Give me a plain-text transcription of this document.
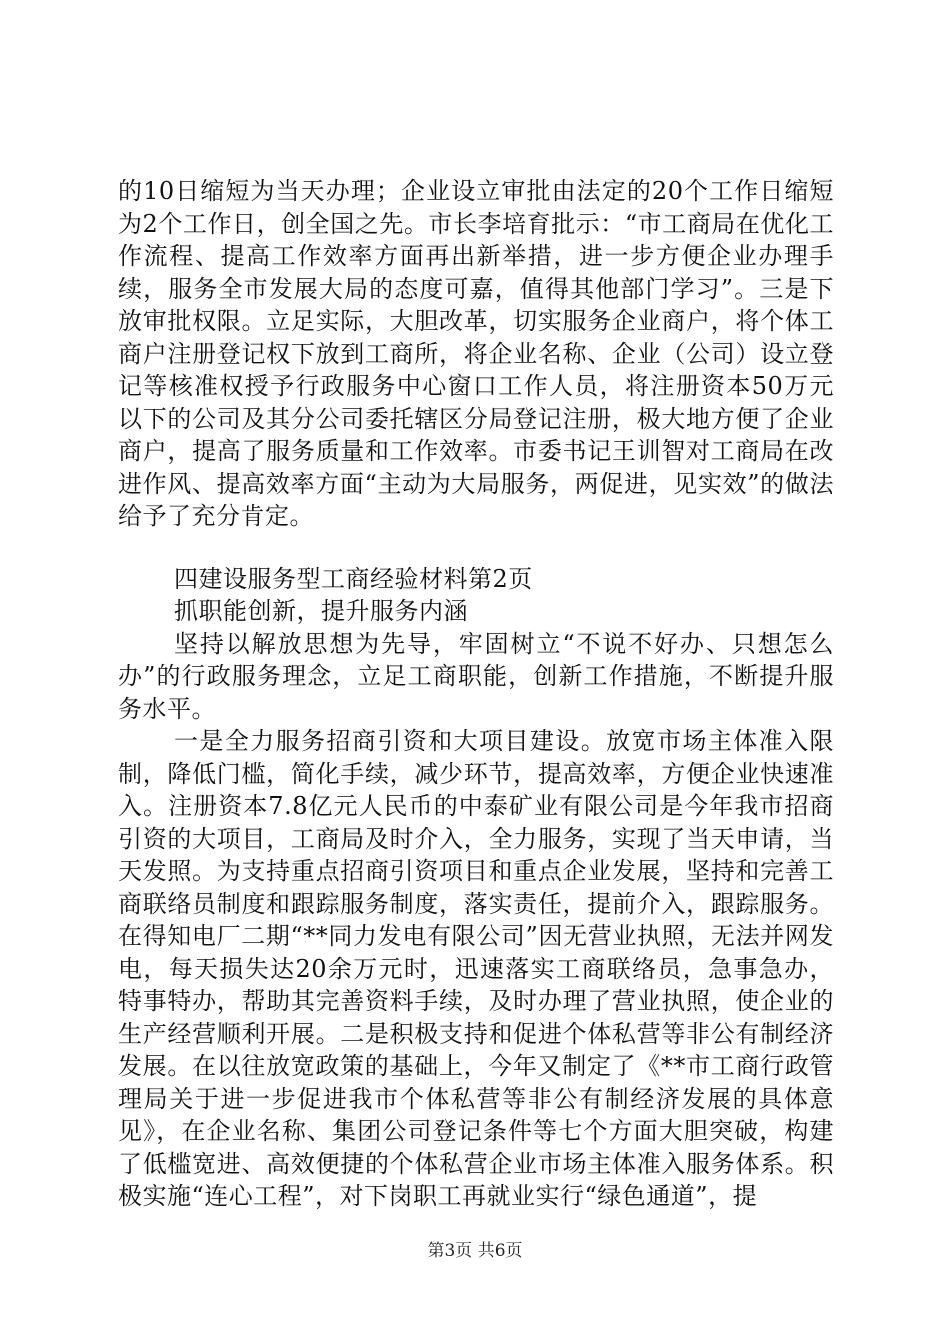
的10日缩短为当天办理；企业设立审批由法定的20个工作日缩短为2个工作日，创全国之先。市长李培育批示：“市工商局在优化工作流程、提高工作效率方面再出新举措，进一步方便企业办理手续，服务全市发展大局的态度可嘉，值得其他部门学习”。三是下放审批权限。立足实际，大胆改革，切实服务企业商户，将个体工商户注册登记权下放到工商所，将企业名称、企业（公司）设立登记等核准权授予行政服务中心窗口工作人员，将注册资本50万元以下的公司及其分公司委托辖区分局登记注册，极大地方便了企业商户，提高了服务质量和工作效率。市委书记王训智对工商局在改进作风、提高效率方面“主动为大局服务，两促进，见实效”的做法给予了充分肯定。

四建设服务型工商经验材料第2页

抓职能创新，提升服务内涵

坚持以解放思想为先导，牢固树立“不说不好办、只想怎么办”的行政服务理念，立足工商职能，创新工作措施，不断提升服务水平。

一是全力服务招商引资和大项目建设。放宽市场主体准入限制，降低门槛，简化手续，减少环节，提高效率，方便企业快速准入。注册资本7.8亿元人民币的中泰矿业有限公司是今年我市招商引资的大项目，工商局及时介入，全力服务，实现了当天申请，当天发照。为支持重点招商引资项目和重点企业发展，坚持和完善工商联络员制度和跟踪服务制度，落实责任，提前介入，跟踪服务。在得知电厂二期“**同力发电有限公司”因无营业执照，无法并网发电，每天损失达20余万元时，迅速落实工商联络员，急事急办，特事特办，帮助其完善资料手续，及时办理了营业执照，使企业的生产经营顺利开展。二是积极支持和促进个体私营等非公有制经济发展。在以往放宽政策的基础上，今年又制定了《**市工商行政管理局关于进一步促进我市个体私营等非公有制经济发展的具体意见》，在企业名称、集团公司登记条件等七个方面大胆突破，构建了低槛宽进、高效便捷的个体私营企业市场主体准入服务体系。积极实施“连心工程”，对下岗职工再就业实行“绿色通道”，提

第3页 共6页
